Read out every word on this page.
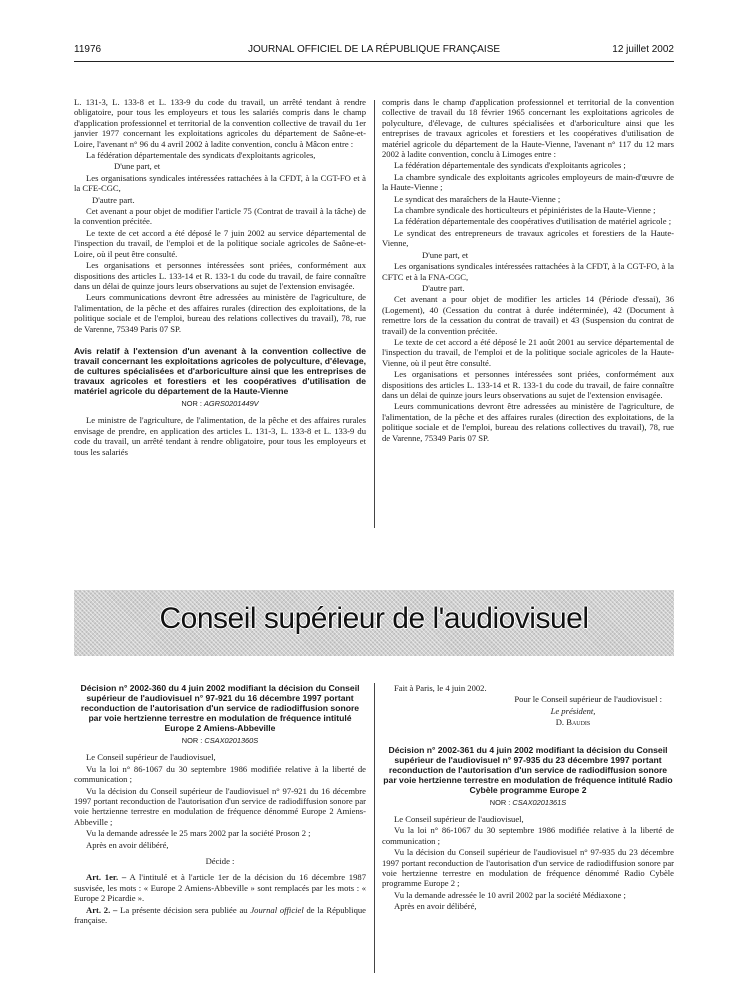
11976	JOURNAL OFFICIEL DE LA RÉPUBLIQUE FRANÇAISE	12 juillet 2002

L. 131-3, L. 133-8 et L. 133-9 du code du travail, un arrêté tendant à rendre obligatoire, pour tous les employeurs et tous les salariés compris dans le champ d'application professionnel et territorial de la convention collective de travail du 1er janvier 1977 concernant les exploitations agricoles du département de Saône-et-Loire, l'avenant n° 96 du 4 avril 2002 à ladite convention, conclu à Mâcon entre :

La fédération départementale des syndicats d'exploitants agricoles,

D'une part, et

Les organisations syndicales intéressées rattachées à la CFDT, à la CGT-FO et à la CFE-CGC,

D'autre part.

Cet avenant a pour objet de modifier l'article 75 (Contrat de travail à la tâche) de la convention précitée.

Le texte de cet accord a été déposé le 7 juin 2002 au service départemental de l'inspection du travail, de l'emploi et de la politique sociale agricoles de Saône-et-Loire, où il peut être consulté.

Les organisations et personnes intéressées sont priées, conformément aux dispositions des articles L. 133-14 et R. 133-1 du code du travail, de faire connaître dans un délai de quinze jours leurs observations au sujet de l'extension envisagée.

Leurs communications devront être adressées au ministère de l'agriculture, de l'alimentation, de la pêche et des affaires rurales (direction des exploitations, de la politique sociale et de l'emploi, bureau des relations collectives du travail), 78, rue de Varenne, 75349 Paris 07 SP.

Avis relatif à l'extension d'un avenant à la convention collective de travail concernant les exploitations agricoles de polyculture, d'élevage, de cultures spécialisées et d'arboriculture ainsi que les entreprises de travaux agricoles et forestiers et les coopératives d'utilisation de matériel agricole du département de la Haute-Vienne

NOR : AGRS0201449V

Le ministre de l'agriculture, de l'alimentation, de la pêche et des affaires rurales envisage de prendre, en application des articles L. 131-3, L. 133-8 et L. 133-9 du code du travail, un arrêté tendant à rendre obligatoire, pour tous les employeurs et tous les salariés

compris dans le champ d'application professionnel et territorial de la convention collective de travail du 18 février 1965 concernant les exploitations agricoles de polyculture, d'élevage, de cultures spécialisées et d'arboriculture ainsi que les entreprises de travaux agricoles et forestiers et les coopératives d'utilisation de matériel agricole du département de la Haute-Vienne, l'avenant n° 117 du 12 mars 2002 à ladite convention, conclu à Limoges entre :

La fédération départementale des syndicats d'exploitants agricoles ;

La chambre syndicale des exploitants agricoles employeurs de main-d'œuvre de la Haute-Vienne ;

Le syndicat des maraîchers de la Haute-Vienne ;

La chambre syndicale des horticulteurs et pépiniéristes de la Haute-Vienne ;

La fédération départementale des coopératives d'utilisation de matériel agricole ;

Le syndicat des entrepreneurs de travaux agricoles et forestiers de la Haute-Vienne,

D'une part, et

Les organisations syndicales intéressées rattachées à la CFDT, à la CGT-FO, à la CFTC et à la FNA-CGC,

D'autre part.

Cet avenant a pour objet de modifier les articles 14 (Période d'essai), 36 (Logement), 40 (Cessation du contrat à durée indéterminée), 42 (Document à remettre lors de la cessation du contrat de travail) et 43 (Suspension du contrat de travail) de la convention précitée.

Le texte de cet accord a été déposé le 21 août 2001 au service départemental de l'inspection du travail, de l'emploi et de la politique sociale agricoles de la Haute-Vienne, où il peut être consulté.

Les organisations et personnes intéressées sont priées, conformément aux dispositions des articles L. 133-14 et R. 133-1 du code du travail, de faire connaître dans un délai de quinze jours leurs observations au sujet de l'extension envisagée.

Leurs communications devront être adressées au ministère de l'agriculture, de l'alimentation, de la pêche et des affaires rurales (direction des exploitations, de la politique sociale et de l'emploi, bureau des relations collectives du travail), 78, rue de Varenne, 75349 Paris 07 SP.

Conseil supérieur de l'audiovisuel

Décision n° 2002-360 du 4 juin 2002 modifiant la décision du Conseil supérieur de l'audiovisuel n° 97-921 du 16 décembre 1997 portant reconduction de l'autorisation d'un service de radiodiffusion sonore par voie hertzienne terrestre en modulation de fréquence intitulé Europe 2 Amiens-Abbeville

NOR : CSAX0201360S

Le Conseil supérieur de l'audiovisuel,

Vu la loi n° 86-1067 du 30 septembre 1986 modifiée relative à la liberté de communication ;

Vu la décision du Conseil supérieur de l'audiovisuel n° 97-921 du 16 décembre 1997 portant reconduction de l'autorisation d'un service de radiodiffusion sonore par voie hertzienne terrestre en modulation de fréquence dénommé Europe 2 Amiens-Abbeville ;

Vu la demande adressée le 25 mars 2002 par la société Proson 2 ;

Après en avoir délibéré,

Décide :

Art. 1er. – A l'intitulé et à l'article 1er de la décision du 16 décembre 1987 susvisée, les mots : « Europe 2 Amiens-Abbeville » sont remplacés par les mots : « Europe 2 Picardie ».

Art. 2. – La présente décision sera publiée au Journal officiel de la République française.

Fait à Paris, le 4 juin 2002.

Pour le Conseil supérieur de l'audiovisuel :

Le président,

D. Baudis

Décision n° 2002-361 du 4 juin 2002 modifiant la décision du Conseil supérieur de l'audiovisuel n° 97-935 du 23 décembre 1997 portant reconduction de l'autorisation d'un service de radiodiffusion sonore par voie hertzienne terrestre en modulation de fréquence intitulé Radio Cybèle programme Europe 2

NOR : CSAX0201361S

Le Conseil supérieur de l'audiovisuel,

Vu la loi n° 86-1067 du 30 septembre 1986 modifiée relative à la liberté de communication ;

Vu la décision du Conseil supérieur de l'audiovisuel n° 97-935 du 23 décembre 1997 portant reconduction de l'autorisation d'un service de radiodiffusion sonore par voie hertzienne terrestre en modulation de fréquence dénommé Radio Cybèle programme Europe 2 ;

Vu la demande adressée le 10 avril 2002 par la société Médiaxone ;

Après en avoir délibéré,
